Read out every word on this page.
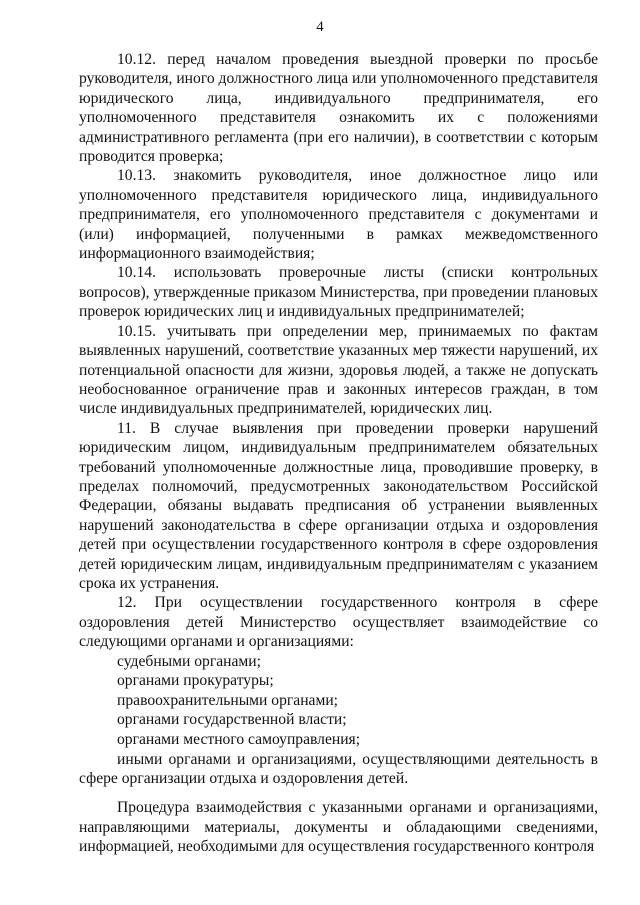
4

10.12. перед началом проведения выездной проверки по просьбе руководителя, иного должностного лица или уполномоченного представителя юридического лица, индивидуального предпринимателя, его уполномоченного представителя ознакомить их с положениями административного регламента (при его наличии), в соответствии с которым проводится проверка;

10.13. знакомить руководителя, иное должностное лицо или уполномоченного представителя юридического лица, индивидуального предпринимателя, его уполномоченного представителя с документами и (или) информацией, полученными в рамках межведомственного информационного взаимодействия;

10.14. использовать проверочные листы (списки контрольных вопросов), утвержденные приказом Министерства, при проведении плановых проверок юридических лиц и индивидуальных предпринимателей;

10.15. учитывать при определении мер, принимаемых по фактам выявленных нарушений, соответствие указанных мер тяжести нарушений, их потенциальной опасности для жизни, здоровья людей, а также не допускать необоснованное ограничение прав и законных интересов граждан, в том числе индивидуальных предпринимателей, юридических лиц.

11. В случае выявления при проведении проверки нарушений юридическим лицом, индивидуальным предпринимателем обязательных требований уполномоченные должностные лица, проводившие проверку, в пределах полномочий, предусмотренных законодательством Российской Федерации, обязаны выдавать предписания об устранении выявленных нарушений законодательства в сфере организации отдыха и оздоровления детей при осуществлении государственного контроля в сфере оздоровления детей юридическим лицам, индивидуальным предпринимателям с указанием срока их устранения.

12. При осуществлении государственного контроля в сфере оздоровления детей Министерство осуществляет взаимодействие со следующими органами и организациями:

судебными органами;
органами прокуратуры;
правоохранительными органами;
органами государственной власти;
органами местного самоуправления;

иными органами и организациями, осуществляющими деятельность в сфере организации отдыха и оздоровления детей.

Процедура взаимодействия с указанными органами и организациями, направляющими материалы, документы и обладающими сведениями, информацией, необходимыми для осуществления государственного контроля
